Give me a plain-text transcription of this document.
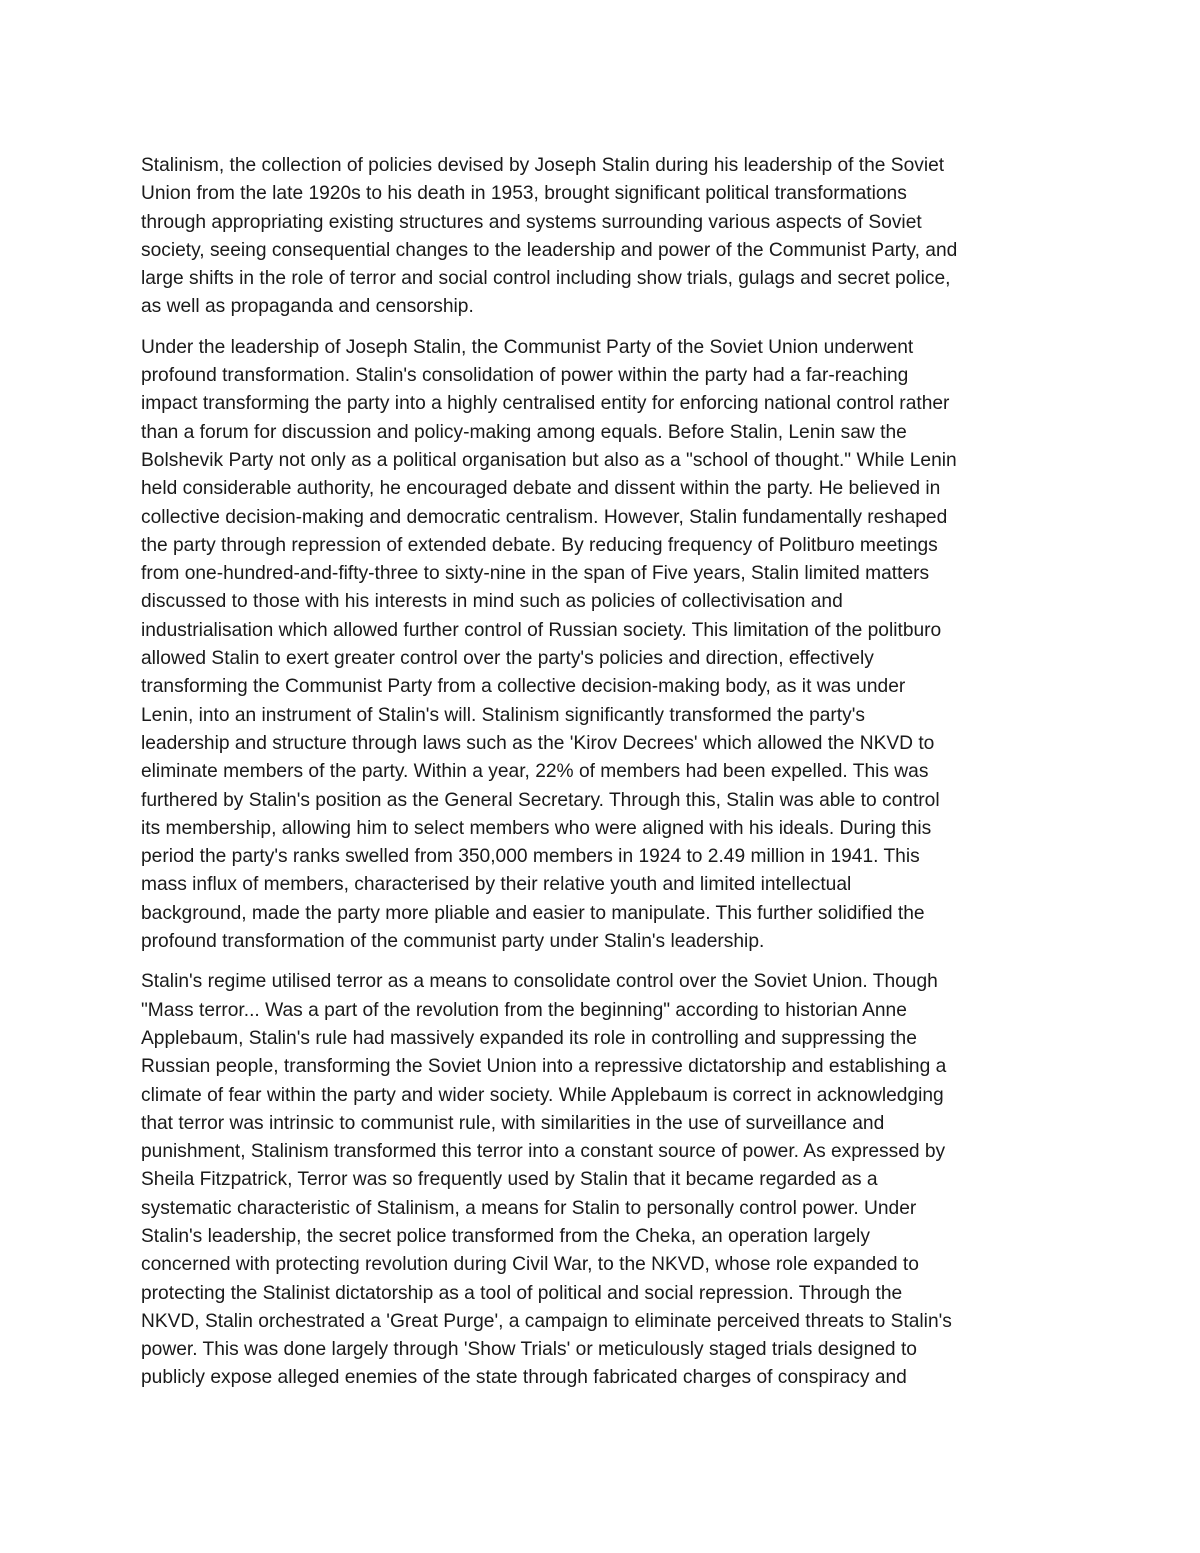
Stalinism, the collection of policies devised by Joseph Stalin during his leadership of the Soviet
Union from the late 1920s to his death in 1953, brought significant political transformations
through appropriating existing structures and systems surrounding various aspects of Soviet
society, seeing consequential changes to the leadership and power of the Communist Party, and
large shifts in the role of terror and social control including show trials, gulags and secret police,
as well as propaganda and censorship.

Under the leadership of Joseph Stalin, the Communist Party of the Soviet Union underwent
profound transformation. Stalin's consolidation of power within the party had a far-reaching
impact transforming the party into a highly centralised entity for enforcing national control rather
than a forum for discussion and policy-making among equals. Before Stalin, Lenin saw the
Bolshevik Party not only as a political organisation but also as a "school of thought." While Lenin
held considerable authority, he encouraged debate and dissent within the party. He believed in
collective decision-making and democratic centralism. However, Stalin fundamentally reshaped
the party through repression of extended debate. By reducing frequency of Politburo meetings
from one-hundred-and-fifty-three to sixty-nine in the span of Five years, Stalin limited matters
discussed to those with his interests in mind such as policies of collectivisation and
industrialisation which allowed further control of Russian society. This limitation of the politburo
allowed Stalin to exert greater control over the party's policies and direction, effectively
transforming the Communist Party from a collective decision-making body, as it was under
Lenin, into an instrument of Stalin's will. Stalinism significantly transformed the party's
leadership and structure through laws such as the 'Kirov Decrees' which allowed the NKVD to
eliminate members of the party. Within a year, 22% of members had been expelled. This was
furthered by Stalin's position as the General Secretary. Through this, Stalin was able to control
its membership, allowing him to select members who were aligned with his ideals. During this
period the party's ranks swelled from 350,000 members in 1924 to 2.49 million in 1941. This
mass influx of members, characterised by their relative youth and limited intellectual
background, made the party more pliable and easier to manipulate. This further solidified the
profound transformation of the communist party under Stalin's leadership.

Stalin's regime utilised terror as a means to consolidate control over the Soviet Union. Though
"Mass terror... Was a part of the revolution from the beginning" according to historian Anne
Applebaum, Stalin's rule had massively expanded its role in controlling and suppressing the
Russian people, transforming the Soviet Union into a repressive dictatorship and establishing a
climate of fear within the party and wider society. While Applebaum is correct in acknowledging
that terror was intrinsic to communist rule, with similarities in the use of surveillance and
punishment, Stalinism transformed this terror into a constant source of power. As expressed by
Sheila Fitzpatrick, Terror was so frequently used by Stalin that it became regarded as a
systematic characteristic of Stalinism, a means for Stalin to personally control power. Under
Stalin's leadership, the secret police transformed from the Cheka, an operation largely
concerned with protecting revolution during Civil War, to the NKVD, whose role expanded to
protecting the Stalinist dictatorship as a tool of political and social repression. Through the
NKVD, Stalin orchestrated a 'Great Purge', a campaign to eliminate perceived threats to Stalin's
power. This was done largely through 'Show Trials' or meticulously staged trials designed to
publicly expose alleged enemies of the state through fabricated charges of conspiracy and
